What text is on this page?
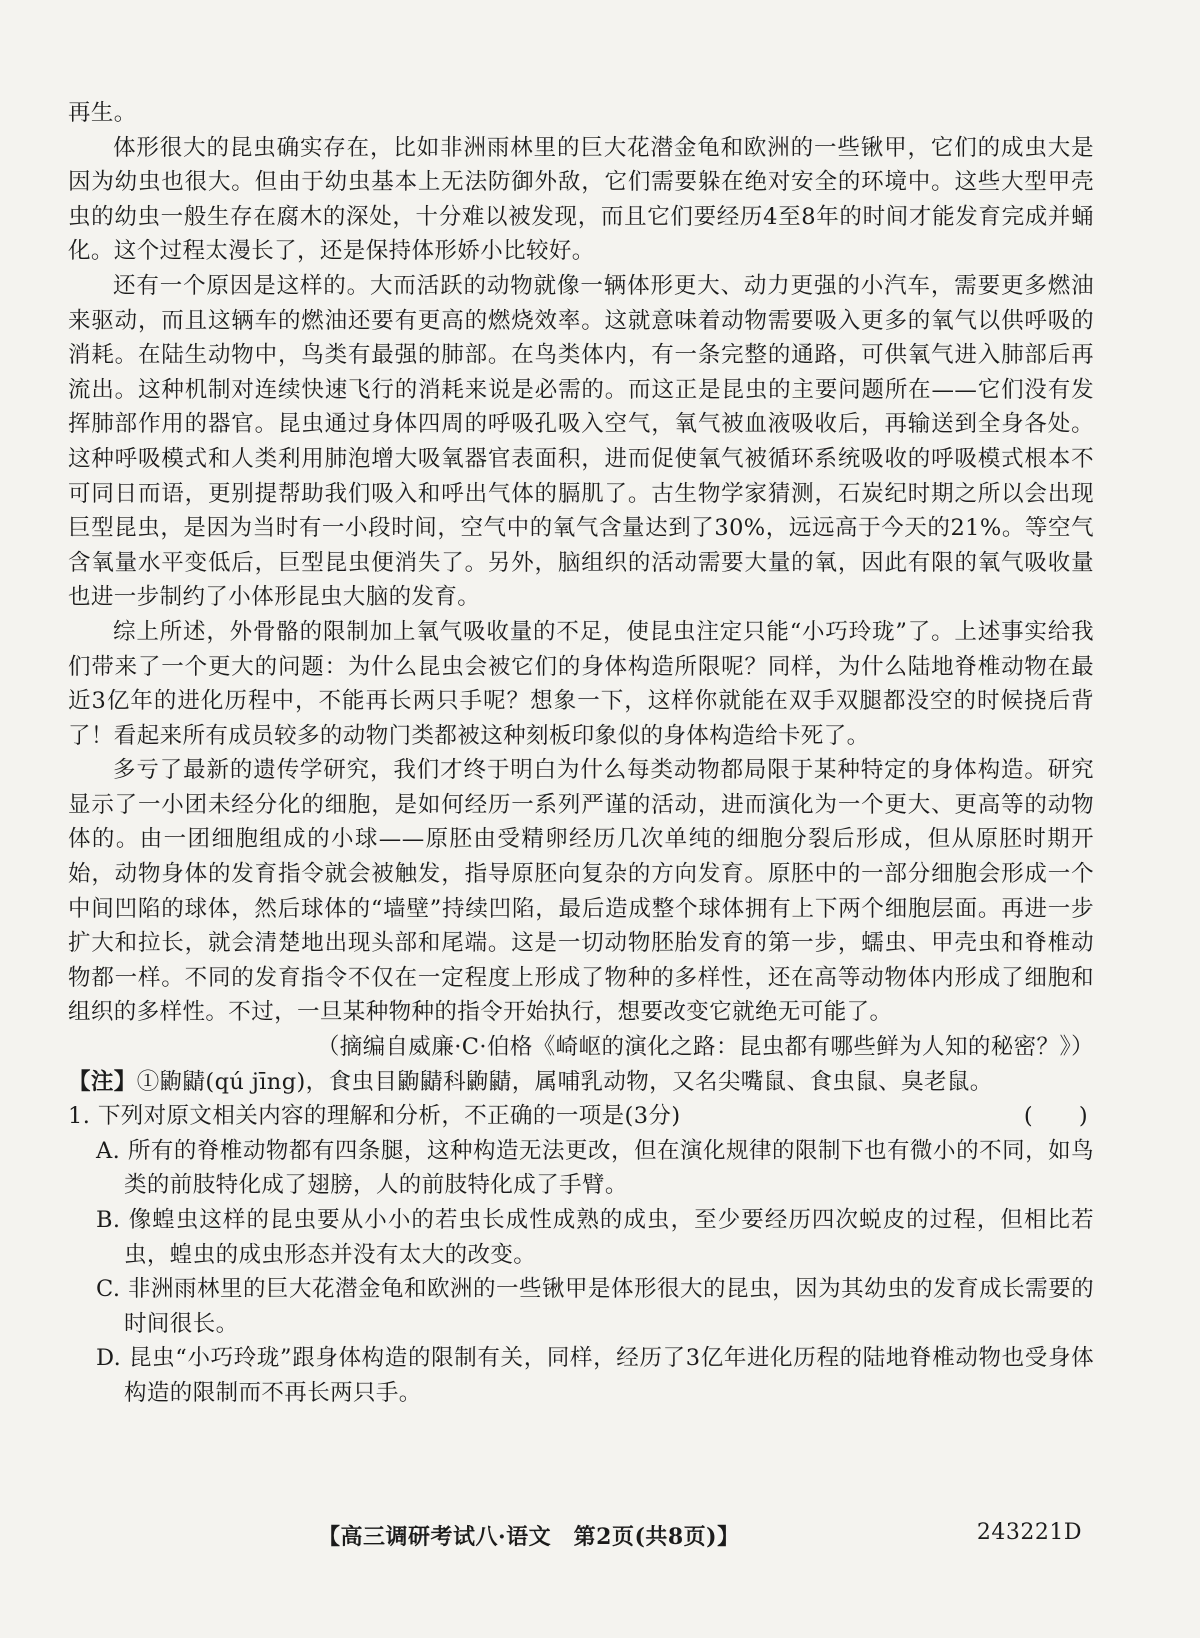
再生。

体形很大的昆虫确实存在，比如非洲雨林里的巨大花潜金龟和欧洲的一些锹甲，它们的成虫大是因为幼虫也很大。但由于幼虫基本上无法防御外敌，它们需要躲在绝对安全的环境中。这些大型甲壳虫的幼虫一般生存在腐木的深处，十分难以被发现，而且它们要经历4至8年的时间才能发育完成并蛹化。这个过程太漫长了，还是保持体形娇小比较好。

还有一个原因是这样的。大而活跃的动物就像一辆体形更大、动力更强的小汽车，需要更多燃油来驱动，而且这辆车的燃油还要有更高的燃烧效率。这就意味着动物需要吸入更多的氧气以供呼吸的消耗。在陆生动物中，鸟类有最强的肺部。在鸟类体内，有一条完整的通路，可供氧气进入肺部后再流出。这种机制对连续快速飞行的消耗来说是必需的。而这正是昆虫的主要问题所在——它们没有发挥肺部作用的器官。昆虫通过身体四周的呼吸孔吸入空气，氧气被血液吸收后，再输送到全身各处。这种呼吸模式和人类利用肺泡增大吸氧器官表面积，进而促使氧气被循环系统吸收的呼吸模式根本不可同日而语，更别提帮助我们吸入和呼出气体的膈肌了。古生物学家猜测，石炭纪时期之所以会出现巨型昆虫，是因为当时有一小段时间，空气中的氧气含量达到了30%，远远高于今天的21%。等空气含氧量水平变低后，巨型昆虫便消失了。另外，脑组织的活动需要大量的氧，因此有限的氧气吸收量也进一步制约了小体形昆虫大脑的发育。

综上所述，外骨骼的限制加上氧气吸收量的不足，使昆虫注定只能“小巧玲珑”了。上述事实给我们带来了一个更大的问题：为什么昆虫会被它们的身体构造所限呢？同样，为什么陆地脊椎动物在最近3亿年的进化历程中，不能再长两只手呢？想象一下，这样你就能在双手双腿都没空的时候挠后背了！看起来所有成员较多的动物门类都被这种刻板印象似的身体构造给卡死了。

多亏了最新的遗传学研究，我们才终于明白为什么每类动物都局限于某种特定的身体构造。研究显示了一小团未经分化的细胞，是如何经历一系列严谨的活动，进而演化为一个更大、更高等的动物体的。由一团细胞组成的小球——原胚由受精卵经历几次单纯的细胞分裂后形成，但从原胚时期开始，动物身体的发育指令就会被触发，指导原胚向复杂的方向发育。原胚中的一部分细胞会形成一个中间凹陷的球体，然后球体的“墙壁”持续凹陷，最后造成整个球体拥有上下两个细胞层面。再进一步扩大和拉长，就会清楚地出现头部和尾端。这是一切动物胚胎发育的第一步，蠕虫、甲壳虫和脊椎动物都一样。不同的发育指令不仅在一定程度上形成了物种的多样性，还在高等动物体内形成了细胞和组织的多样性。不过，一旦某种物种的指令开始执行，想要改变它就绝无可能了。

（摘编自威廉·C·伯格《崎岖的演化之路：昆虫都有哪些鲜为人知的秘密？》）

【注】①鼩鼱(qú jīng)，食虫目鼩鼱科鼩鼱，属哺乳动物，又名尖嘴鼠、食虫鼠、臭老鼠。

1. 下列对原文相关内容的理解和分析，不正确的一项是(3分)	(　　)

A. 所有的脊椎动物都有四条腿，这种构造无法更改，但在演化规律的限制下也有微小的不同，如鸟类的前肢特化成了翅膀，人的前肢特化成了手臂。

B. 像蝗虫这样的昆虫要从小小的若虫长成性成熟的成虫，至少要经历四次蜕皮的过程，但相比若虫，蝗虫的成虫形态并没有太大的改变。

C. 非洲雨林里的巨大花潜金龟和欧洲的一些锹甲是体形很大的昆虫，因为其幼虫的发育成长需要的时间很长。

D. 昆虫“小巧玲珑”跟身体构造的限制有关，同样，经历了3亿年进化历程的陆地脊椎动物也受身体构造的限制而不再长两只手。

【高三调研考试八·语文　第2页(共8页)】	243221D
